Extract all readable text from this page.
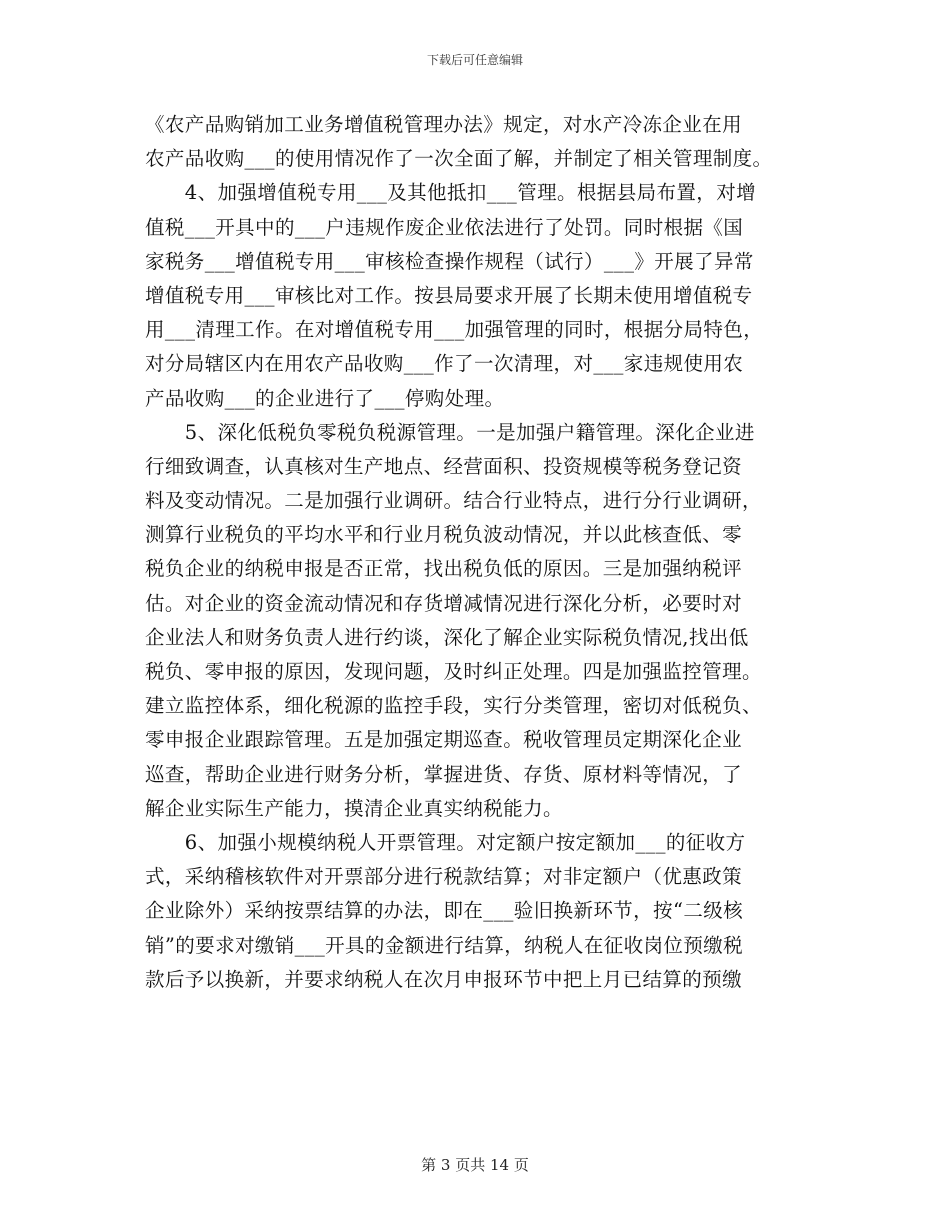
下载后可任意编辑
《农产品购销加工业务增值税管理办法》规定，对水产冷冻企业在用
农产品收购___的使用情况作了一次全面了解，并制定了相关管理制度。
　　4、加强增值税专用___及其他抵扣___管理。根据县局布置，对增
值税___开具中的___户违规作废企业依法进行了处罚。同时根据《国
家税务___增值税专用___审核检查操作规程（试行）___》开展了异常
增值税专用___审核比对工作。按县局要求开展了长期未使用增值税专
用___清理工作。在对增值税专用___加强管理的同时，根据分局特色，
对分局辖区内在用农产品收购___作了一次清理，对___家违规使用农
产品收购___的企业进行了___停购处理。
　　5、深化低税负零税负税源管理。一是加强户籍管理。深化企业进
行细致调查，认真核对生产地点、经营面积、投资规模等税务登记资
料及变动情况。二是加强行业调研。结合行业特点，进行分行业调研，
测算行业税负的平均水平和行业月税负波动情况，并以此核查低、零
税负企业的纳税申报是否正常，找出税负低的原因。三是加强纳税评
估。对企业的资金流动情况和存货增减情况进行深化分析，必要时对
企业法人和财务负责人进行约谈，深化了解企业实际税负情况,找出低
税负、零申报的原因，发现问题，及时纠正处理。四是加强监控管理。
建立监控体系，细化税源的监控手段，实行分类管理，密切对低税负、
零申报企业跟踪管理。五是加强定期巡查。税收管理员定期深化企业
巡查，帮助企业进行财务分析，掌握进货、存货、原材料等情况，了
解企业实际生产能力，摸清企业真实纳税能力。
　　6、加强小规模纳税人开票管理。对定额户按定额加___的征收方
式，采纳稽核软件对开票部分进行税款结算；对非定额户（优惠政策
企业除外）采纳按票结算的办法，即在___验旧换新环节，按“二级核
销”的要求对缴销___开具的金额进行结算，纳税人在征收岗位预缴税
款后予以换新，并要求纳税人在次月申报环节中把上月已结算的预缴
第 3 页共 14 页
